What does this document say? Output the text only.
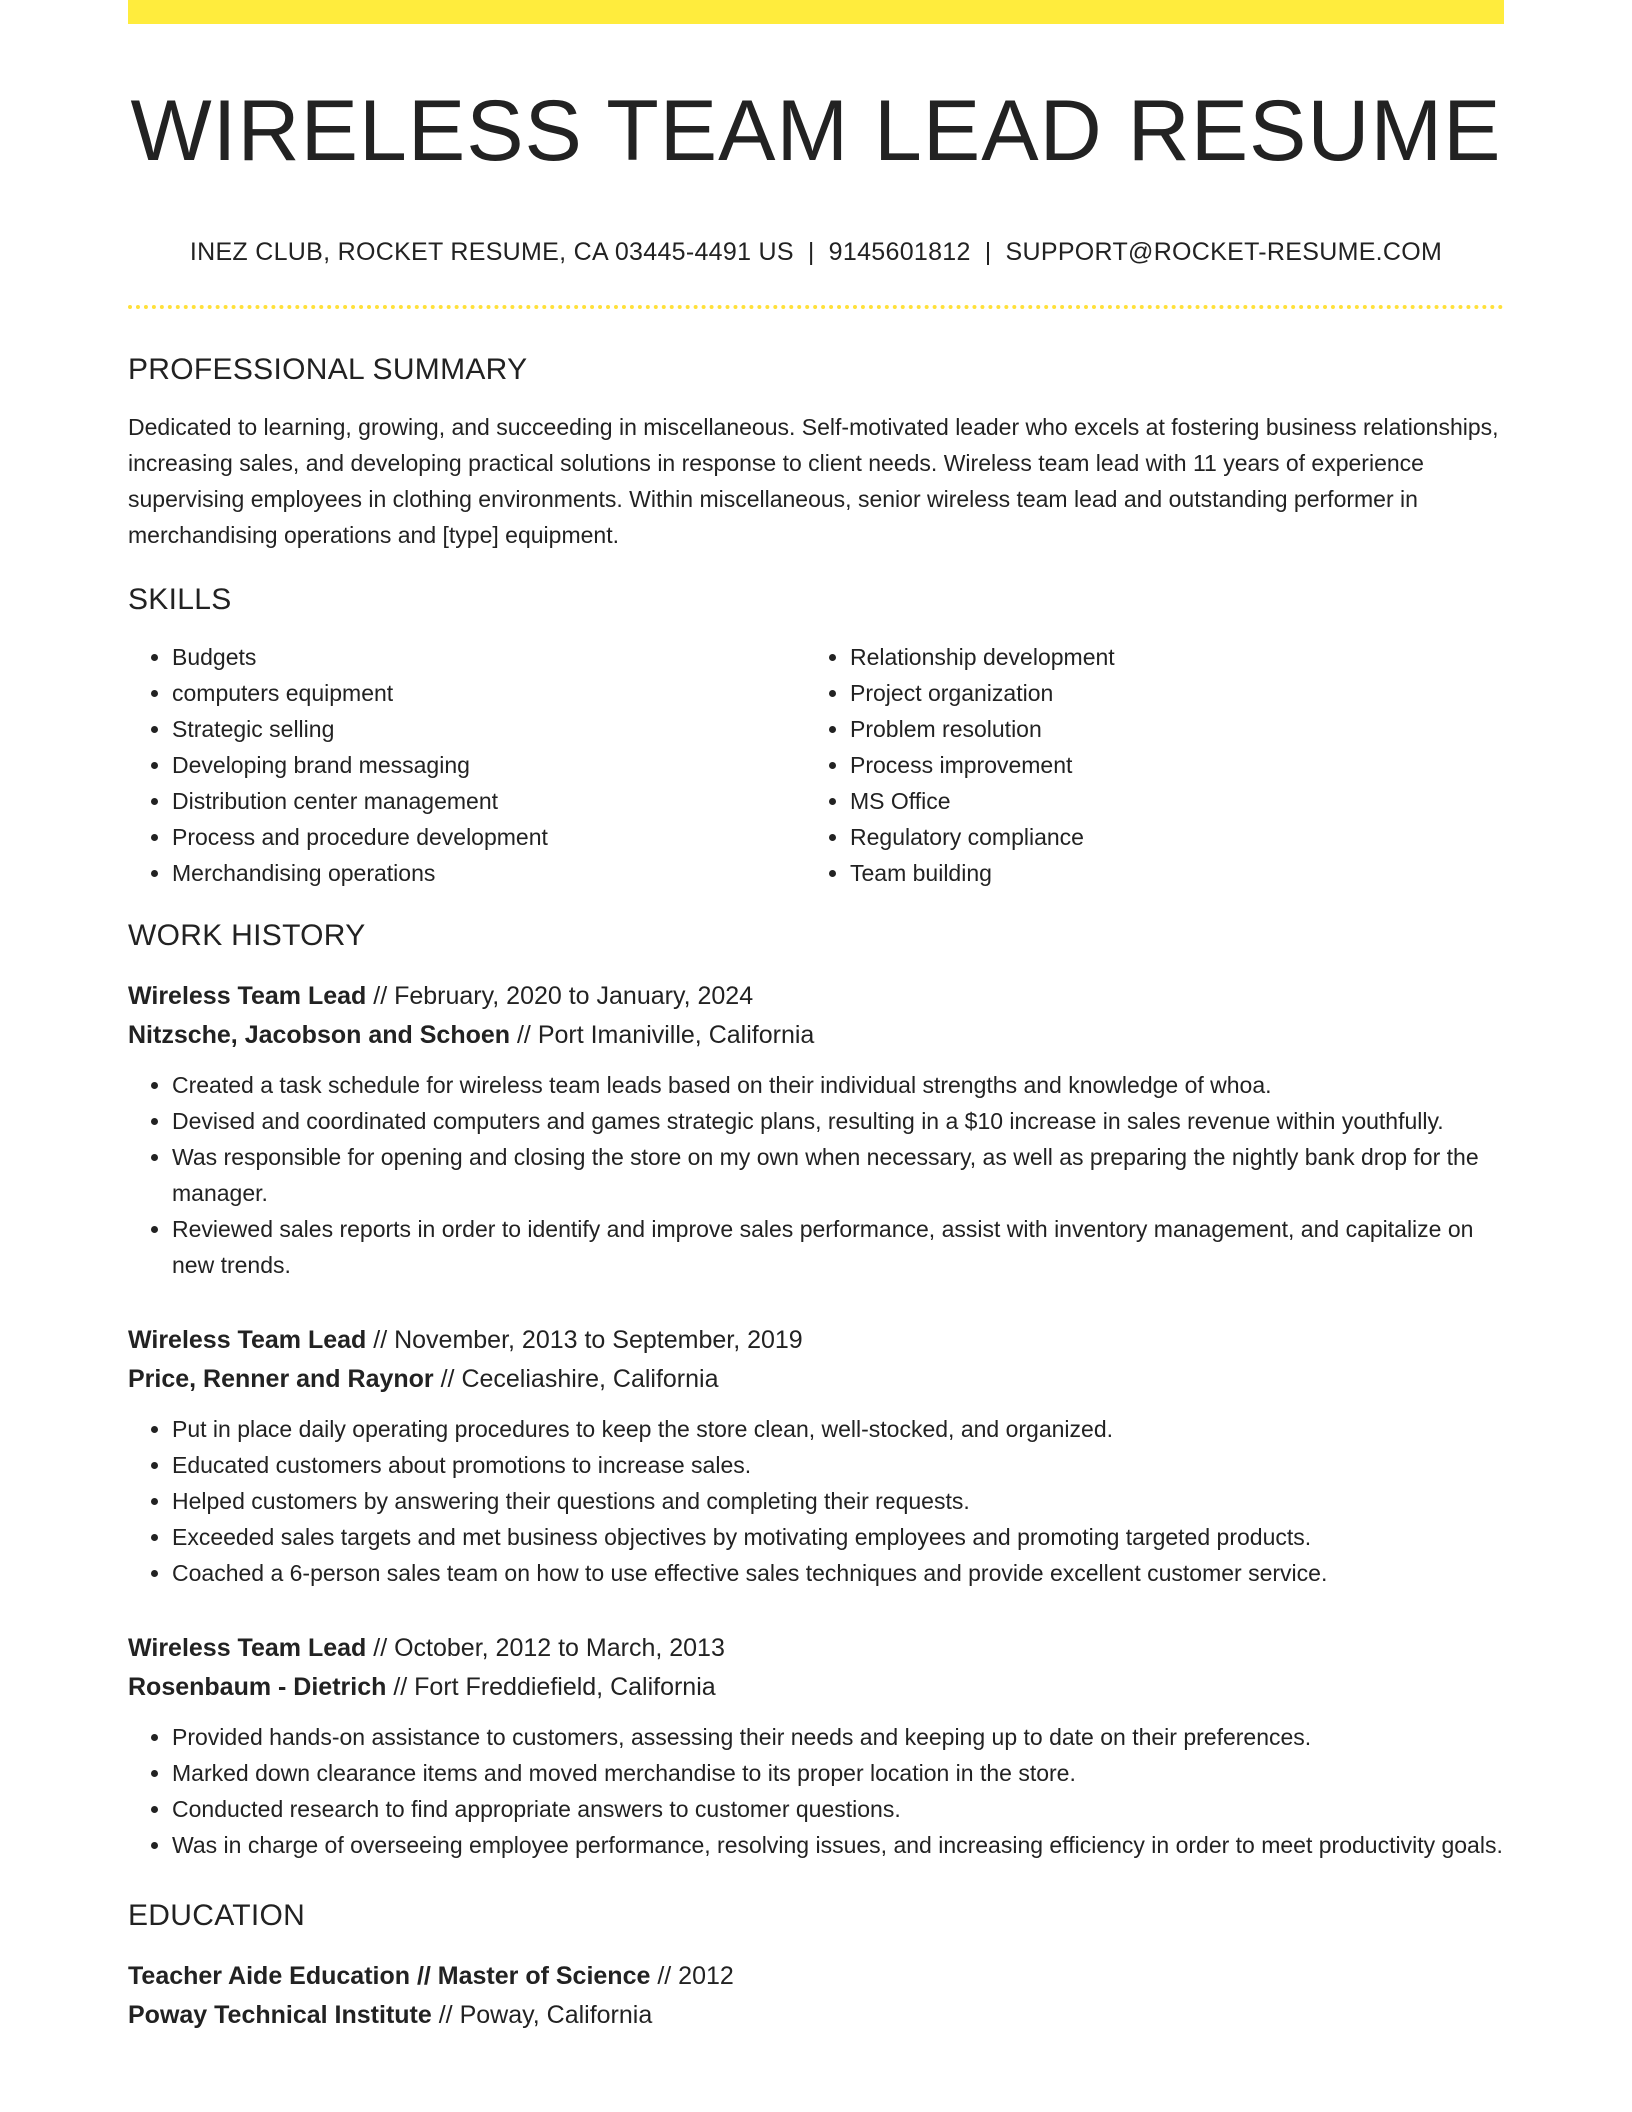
WIRELESS TEAM LEAD RESUME
INEZ CLUB, ROCKET RESUME, CA 03445-4491 US | 9145601812 | SUPPORT@ROCKET-RESUME.COM
PROFESSIONAL SUMMARY

Dedicated to learning, growing, and succeeding in miscellaneous. Self-motivated leader who excels at fostering business relationships, increasing sales, and developing practical solutions in response to client needs. Wireless team lead with 11 years of experience supervising employees in clothing environments. Within miscellaneous, senior wireless team lead and outstanding performer in merchandising operations and [type] equipment.

SKILLS
• Budgets
• computers equipment
• Strategic selling
• Developing brand messaging
• Distribution center management
• Process and procedure development
• Merchandising operations
• Relationship development
• Project organization
• Problem resolution
• Process improvement
• MS Office
• Regulatory compliance
• Team building
WORK HISTORY
Wireless Team Lead // February, 2020 to January, 2024
Nitzsche, Jacobson and Schoen // Port Imaniville, California
• Created a task schedule for wireless team leads based on their individual strengths and knowledge of whoa.
• Devised and coordinated computers and games strategic plans, resulting in a $10 increase in sales revenue within youthfully.
• Was responsible for opening and closing the store on my own when necessary, as well as preparing the nightly bank drop for the manager.
• Reviewed sales reports in order to identify and improve sales performance, assist with inventory management, and capitalize on new trends.
Wireless Team Lead // November, 2013 to September, 2019
Price, Renner and Raynor // Ceceliashire, California
• Put in place daily operating procedures to keep the store clean, well-stocked, and organized.
• Educated customers about promotions to increase sales.
• Helped customers by answering their questions and completing their requests.
• Exceeded sales targets and met business objectives by motivating employees and promoting targeted products.
• Coached a 6-person sales team on how to use effective sales techniques and provide excellent customer service.
Wireless Team Lead // October, 2012 to March, 2013
Rosenbaum - Dietrich // Fort Freddiefield, California
• Provided hands-on assistance to customers, assessing their needs and keeping up to date on their preferences.
• Marked down clearance items and moved merchandise to its proper location in the store.
• Conducted research to find appropriate answers to customer questions.
• Was in charge of overseeing employee performance, resolving issues, and increasing efficiency in order to meet productivity goals.
EDUCATION
Teacher Aide Education // Master of Science // 2012
Poway Technical Institute // Poway, California
